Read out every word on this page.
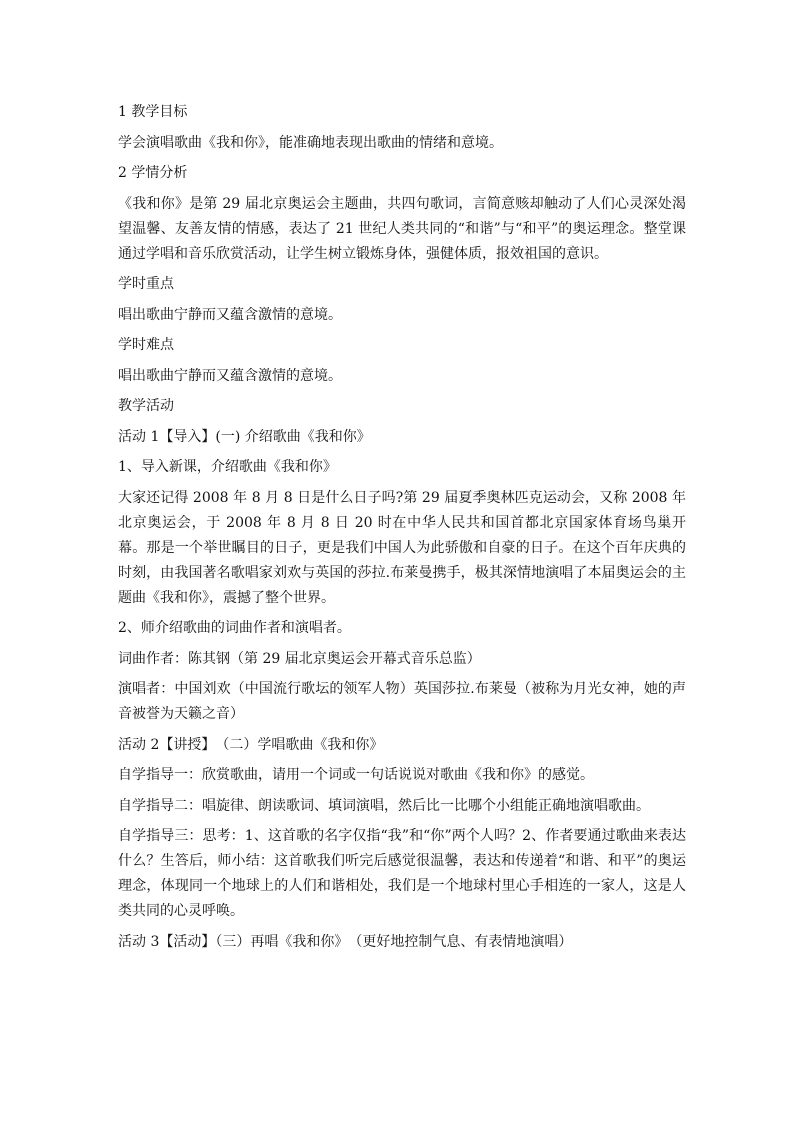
1 教学目标

学会演唱歌曲《我和你》，能准确地表现出歌曲的情绪和意境。

2 学情分析

《我和你》是第 29 届北京奥运会主题曲，共四句歌词，言简意赅却触动了人们心灵深处渴望温馨、友善友情的情感，表达了 21 世纪人类共同的“和谐”与“和平”的奥运理念。整堂课通过学唱和音乐欣赏活动，让学生树立锻炼身体，强健体质，报效祖国的意识。

学时重点

唱出歌曲宁静而又蕴含激情的意境。

学时难点

唱出歌曲宁静而又蕴含激情的意境。

教学活动

活动 1【导入】(一) 介绍歌曲《我和你》

1、导入新课，介绍歌曲《我和你》

大家还记得 2008 年 8 月 8 日是什么日子吗?第 29 届夏季奥林匹克运动会，又称 2008 年北京奥运会，于 2008 年 8 月 8 日 20 时在中华人民共和国首都北京国家体育场鸟巢开幕。那是一个举世瞩目的日子，更是我们中国人为此骄傲和自豪的日子。在这个百年庆典的时刻，由我国著名歌唱家刘欢与英国的莎拉.布莱曼携手，极其深情地演唱了本届奥运会的主题曲《我和你》，震撼了整个世界。

2、师介绍歌曲的词曲作者和演唱者。

词曲作者：陈其钢（第 29 届北京奥运会开幕式音乐总监）

演唱者：中国刘欢（中国流行歌坛的领军人物）英国莎拉.布莱曼（被称为月光女神，她的声音被誉为天籁之音）

活动 2【讲授】　（二）学唱歌曲《我和你》

自学指导一：欣赏歌曲，请用一个词或一句话说说对歌曲《我和你》的感觉。

自学指导二：唱旋律、朗读歌词、填词演唱，然后比一比哪个小组能正确地演唱歌曲。

自学指导三：思考：1、这首歌的名字仅指“我”和“你”两个人吗？2、作者要通过歌曲来表达什么？生答后，师小结：这首歌我们听完后感觉很温馨，表达和传递着“和谐、和平”的奥运理念，体现同一个地球上的人们和谐相处，我们是一个地球村里心手相连的一家人，这是人类共同的心灵呼唤。

活动 3【活动】（三）再唱《我和你》　（更好地控制气息、有表情地演唱）
